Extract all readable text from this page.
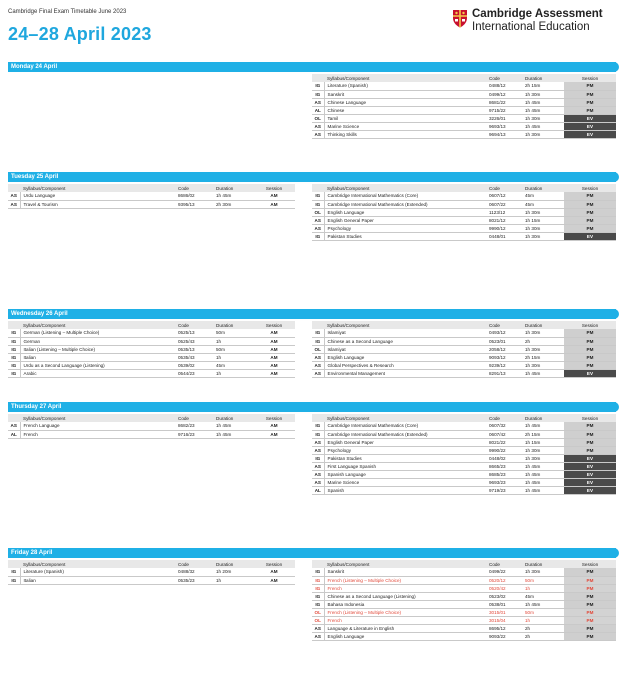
Cambridge Final Exam Timetable June 2023
24–28 April 2023
Cambridge Assessment
International Education
Monday 24 April
	Syllabus/Component	Code	Duration	Session
IG	Literature (Spanish)	0488/12	2h 15m	PM
IG	Sanskrit	0499/12	1h 30m	PM
AS	Chinese Language	8681/22	1h 45m	PM
AL	Chinese	9715/22	1h 45m	PM
OL	Tamil	3226/01	1h 30m	EV
AS	Marine Science	9693/13	1h 45m	EV
AS	Thinking Skills	9694/13	1h 30m	EV
Tuesday 25 April
	Syllabus/Component	Code	Duration	Session
AS	Urdu Language	8686/02	1h 45m	AM
AS	Travel & Tourism	9395/13	2h 30m	AM
	Syllabus/Component	Code	Duration	Session
IG	Cambridge International Mathematics (Core)	0607/12	45m	PM
IG	Cambridge International Mathematics (Extended)	0607/22	45m	PM
OL	English Language	1123/12	1h 30m	PM
AS	English General Paper	8021/12	1h 15m	PM
AS	Psychology	9990/12	1h 30m	PM
IG	Pakistan Studies	0448/01	1h 30m	EV
Wednesday 26 April
	Syllabus/Component	Code	Duration	Session
IG	German (Listening – Multiple Choice)	0525/13	50m	AM
IG	German	0525/43	1h	AM
IG	Italian (Listening – Multiple Choice)	0535/13	50m	AM
IG	Italian	0535/43	1h	AM
IG	Urdu as a Second Language (Listening)	0539/02	45m	AM
IG	Arabic	0544/23	1h	AM
	Syllabus/Component	Code	Duration	Session
IG	Islamiyat	0493/12	1h 30m	PM
IG	Chinese as a Second Language	0523/01	2h	PM
OL	Islamiyat	2058/12	1h 30m	PM
AS	English Language	9093/12	2h 15m	PM
AS	Global Perspectives & Research	9239/12	1h 30m	PM
AS	Environmental Management	8291/13	1h 45m	EV
Thursday 27 April
	Syllabus/Component	Code	Duration	Session
AS	French Language	8682/23	1h 45m	AM
AL	French	9716/23	1h 45m	AM
	Syllabus/Component	Code	Duration	Session
IG	Cambridge International Mathematics (Core)	0607/32	1h 45m	PM
IG	Cambridge International Mathematics (Extended)	0607/42	2h 15m	PM
AS	English General Paper	8021/22	1h 15m	PM
AS	Psychology	9990/22	1h 30m	PM
IG	Pakistan Studies	0448/02	1h 30m	EV
AS	First Language Spanish	8665/23	1h 45m	EV
AS	Spanish Language	8685/23	1h 45m	EV
AS	Marine Science	9693/23	1h 45m	EV
AL	Spanish	9719/23	1h 45m	EV
Friday 28 April
	Syllabus/Component	Code	Duration	Session
IG	Literature (Spanish)	0488/32	1h 20m	AM
IG	Italian	0535/23	1h	AM
	Syllabus/Component	Code	Duration	Session
IG	Sanskrit	0499/22	1h 30m	PM
IG	French (Listening – Multiple Choice)	0520/12	50m	PM
IG	French	0520/42	1h	PM
IG	Chinese as a Second Language (Listening)	0523/02	45m	PM
IG	Bahasa Indonesia	0538/01	1h 45m	PM
OL	French (Listening – Multiple Choice)	3015/01	50m	PM
OL	French	3015/04	1h	PM
AS	Language & Literature in English	8695/12	2h	PM
AS	English Language	9093/22	2h	PM
